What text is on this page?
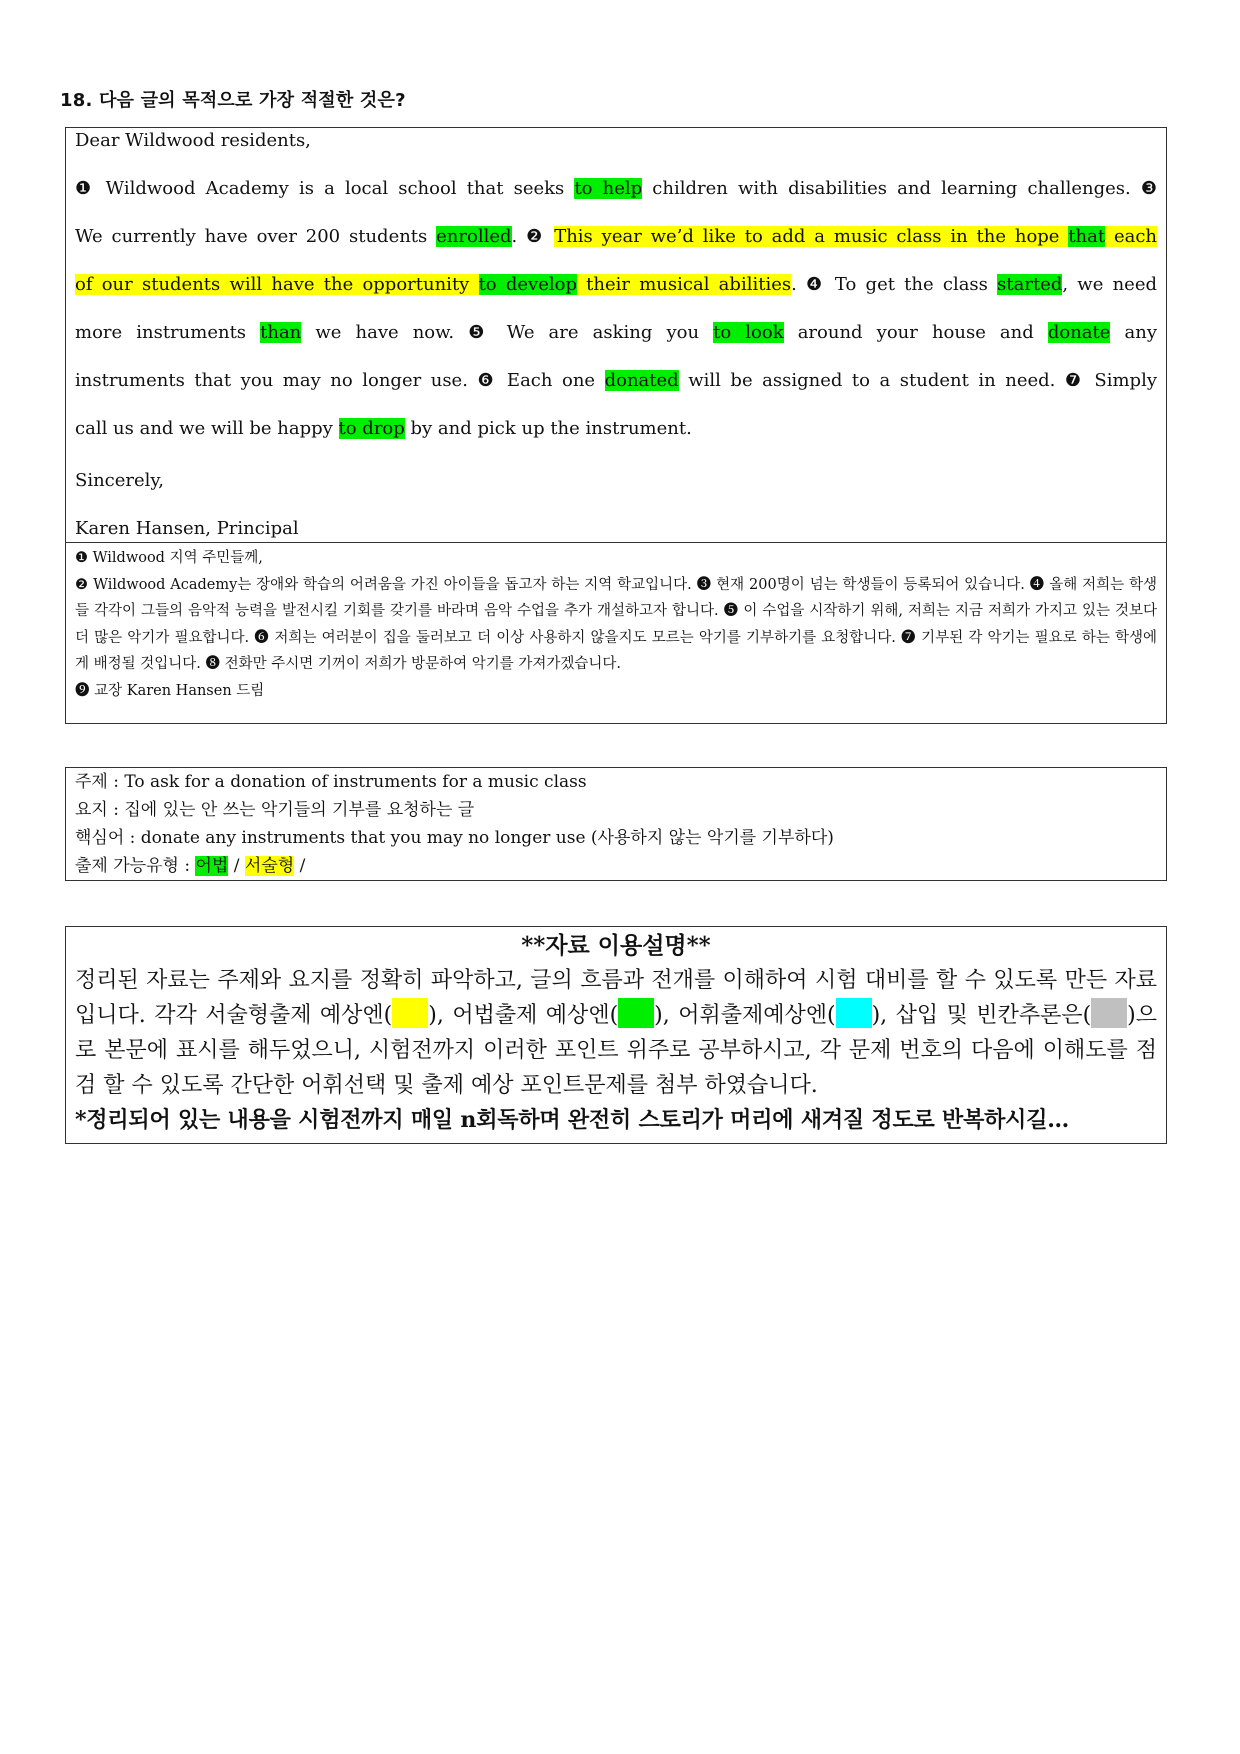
18. 다음 글의 목적으로 가장 적절한 것은?
Dear Wildwood residents,
❶ Wildwood Academy is a local school that seeks to help children with disabilities and learning challenges. ❸
We currently have over 200 students enrolled. ❷ This year we’d like to add a music class in the hope that each
of our students will have the opportunity to develop their musical abilities. ❹ To get the class started, we need
more instruments than we have now. ❺ We are asking you to look around your house and donate any
instruments that you may no longer use. ❻ Each one donated will be assigned to a student in need. ❼ Simply
call us and we will be happy to drop by and pick up the instrument.
Sincerely,
Karen Hansen, Principal

❶ Wildwood 지역 주민들께,

❷ Wildwood Academy는 장애와 학습의 어려움을 가진 아이들을 돕고자 하는 지역 학교입니다. ❸ 현재 200명이 넘는 학생들이 등록되어 있습니다. ❹ 올해 저희는 학생들 각각이 그들의 음악적 능력을 발전시킬 기회를 갖기를 바라며 음악 수업을 추가 개설하고자 합니다. ❺ 이 수업을 시작하기 위해, 저희는 지금 저희가 가지고 있는 것보다 더 많은 악기가 필요합니다. ❻ 저희는 여러분이 집을 둘러보고 더 이상 사용하지 않을지도 모르는 악기를 기부하기를 요청합니다. ❼ 기부된 각 악기는 필요로 하는 학생에게 배정될 것입니다. ❽ 전화만 주시면 기꺼이 저희가 방문하여 악기를 가져가겠습니다.

❾ 교장 Karen Hansen 드림

주제 : To ask for a donation of instruments for a music class
요지 : 집에 있는 안 쓰는 악기들의 기부를 요청하는 글
핵심어 : donate any instruments that you may no longer use (사용하지 않는 악기를 기부하다)
출제 가능유형 : 어법 / 서술형 /
**자료 이용설명**
정리된 자료는 주제와 요지를 정확히 파악하고, 글의 흐름과 전개를 이해하여 시험 대비를 할 수 있도록 만든 자료입니다. 각각 서술형출제 예상엔( ), 어법출제 예상엔( ), 어휘출제예상엔( ), 삽입 및 빈칸추론은( )으로 본문에 표시를 해두었으니, 시험전까지 이러한 포인트 위주로 공부하시고, 각 문제 번호의 다음에 이해도를 점검 할 수 있도록 간단한 어휘선택 및 출제 예상 포인트문제를 첨부 하였습니다.
*정리되어 있는 내용을 시험전까지 매일 n회독하며 완전히 스토리가 머리에 새겨질 정도로 반복하시길…
